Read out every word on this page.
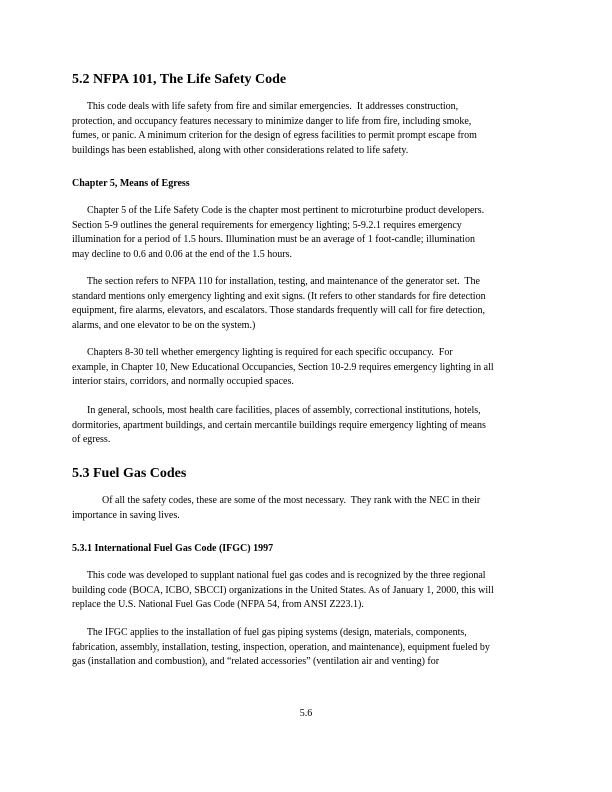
5.2 NFPA 101, The Life Safety Code
This code deals with life safety from fire and similar emergencies.  It addresses construction,
protection, and occupancy features necessary to minimize danger to life from fire, including smoke,
fumes, or panic. A minimum criterion for the design of egress facilities to permit prompt escape from
buildings has been established, along with other considerations related to life safety.
Chapter 5, Means of Egress
Chapter 5 of the Life Safety Code is the chapter most pertinent to microturbine product developers.
Section 5-9 outlines the general requirements for emergency lighting; 5-9.2.1 requires emergency
illumination for a period of 1.5 hours. Illumination must be an average of 1 foot-candle; illumination
may decline to 0.6 and 0.06 at the end of the 1.5 hours.
The section refers to NFPA 110 for installation, testing, and maintenance of the generator set.  The
standard mentions only emergency lighting and exit signs. (It refers to other standards for fire detection
equipment, fire alarms, elevators, and escalators. Those standards frequently will call for fire detection,
alarms, and one elevator to be on the system.)
Chapters 8-30 tell whether emergency lighting is required for each specific occupancy.  For
example, in Chapter 10, New Educational Occupancies, Section 10-2.9 requires emergency lighting in all
interior stairs, corridors, and normally occupied spaces.
In general, schools, most health care facilities, places of assembly, correctional institutions, hotels,
dormitories, apartment buildings, and certain mercantile buildings require emergency lighting of means
of egress.
5.3 Fuel Gas Codes
Of all the safety codes, these are some of the most necessary.  They rank with the NEC in their
importance in saving lives.
5.3.1 International Fuel Gas Code (IFGC) 1997
This code was developed to supplant national fuel gas codes and is recognized by the three regional
building code (BOCA, ICBO, SBCCI) organizations in the United States. As of January 1, 2000, this will
replace the U.S. National Fuel Gas Code (NFPA 54, from ANSI Z223.1).
The IFGC applies to the installation of fuel gas piping systems (design, materials, components,
fabrication, assembly, installation, testing, inspection, operation, and maintenance), equipment fueled by
gas (installation and combustion), and “related accessories” (ventilation air and venting) for
5.6
